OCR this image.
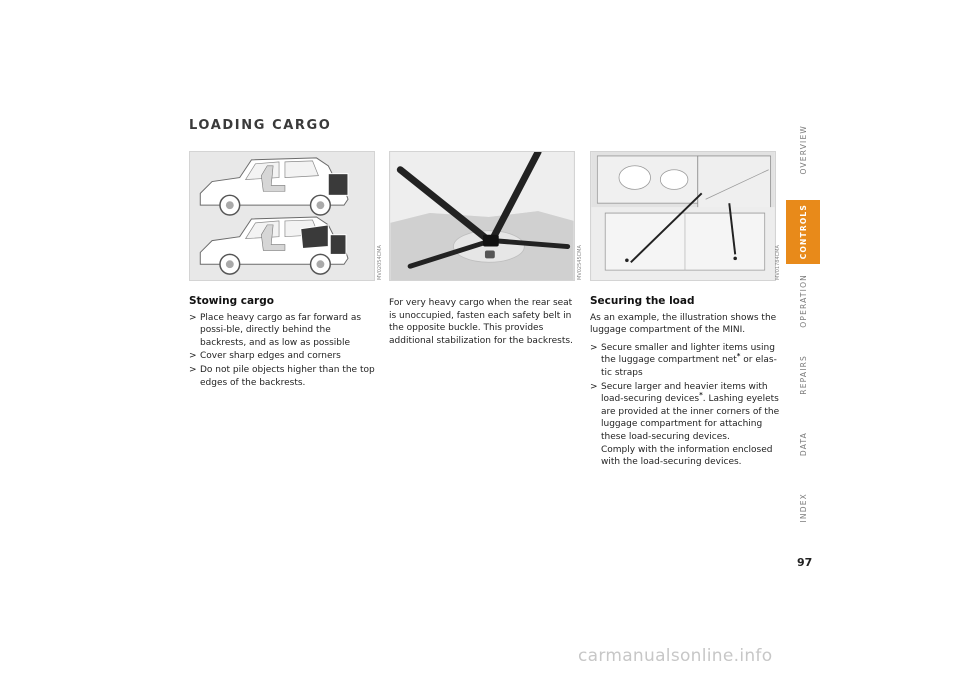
LOADING CARGO
MV02054CMA	MV02545CMA	MV01784CMA
Stowing cargo
> Place heavy cargo as far forward as possi-ble, directly behind the backrests, and as low as possible
> Cover sharp edges and corners
> Do not pile objects higher than the top edges of the backrests.

For very heavy cargo when the rear seat is unoccupied, fasten each safety belt in the opposite buckle. This provides additional stabilization for the backrests.

Securing the load

As an example, the illustration shows the luggage compartment of the MINI.

> Secure smaller and lighter items using the luggage compartment net* or elas-tic straps
> Secure larger and heavier items with load-securing devices*. Lashing eyelets are provided at the inner corners of the luggage compartment for attaching these load-securing devices.
Comply with the information enclosed with the load-securing devices.
OVERVIEW
CONTROLS
OPERATION
REPAIRS
DATA
INDEX
97
carmanualsonline.info
